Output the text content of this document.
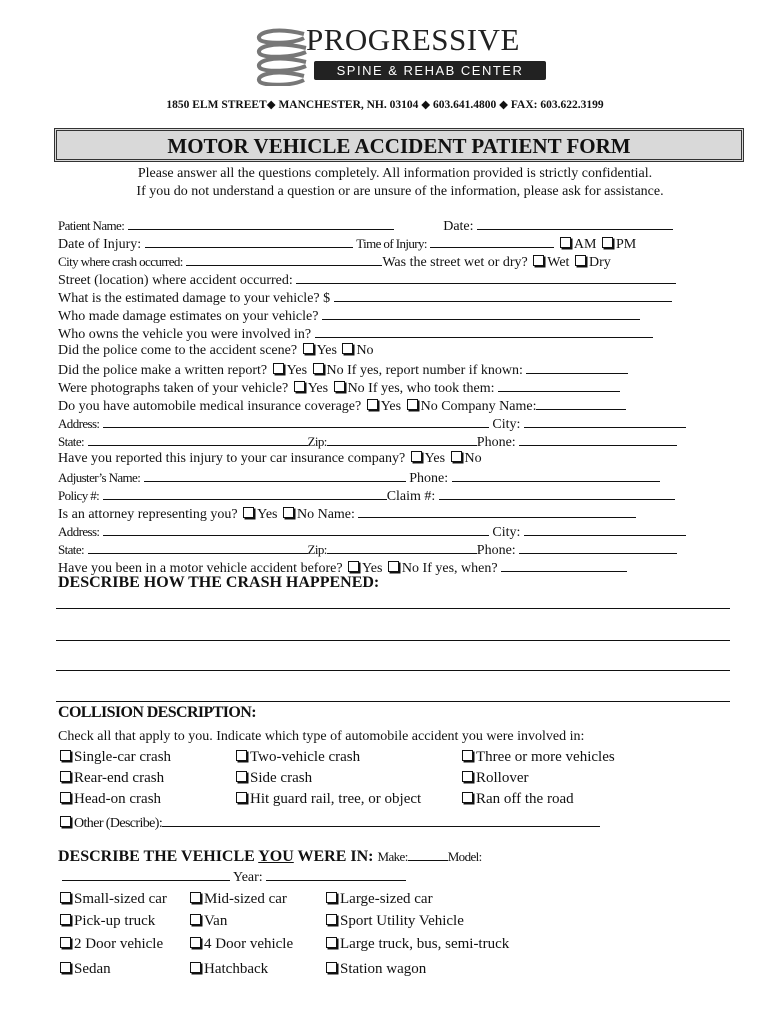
PROGRESSIVE
SPINE & REHAB CENTER
1850 ELM STREET◆ MANCHESTER, NH. 03104 ◆ 603.641.4800 ◆ FAX: 603.622.3199
MOTOR VEHICLE ACCIDENT PATIENT FORM
Please answer all the questions completely. All information provided is strictly confidential.
If you do not understand a question or are unsure of the information, please ask for assistance.
Patient Name:	Date:
Date of Injury:	Time of Injury:	AM PM
City where crash occurred:	Was the street wet or dry? Wet Dry
Street (location) where accident occurred:
What is the estimated damage to your vehicle? $
Who made damage estimates on your vehicle?
Who owns the vehicle you were involved in?
Did the police come to the accident scene? Yes No
Did the police make a written report? Yes No If yes, report number if known:
Were photographs taken of your vehicle? Yes No If yes, who took them:
Do you have automobile medical insurance coverage? Yes No Company Name:
Address:	City:
State:	Zip:	Phone:
Have you reported this injury to your car insurance company? Yes No
Adjuster’s Name:	Phone:
Policy #:	Claim #:
Is an attorney representing you? Yes No Name:
Address:	City:
State:	Zip:	Phone:
Have you been in a motor vehicle accident before? Yes No If yes, when?
DESCRIBE HOW THE CRASH HAPPENED:
COLLISION DESCRIPTION:
Check all that apply to you. Indicate which type of automobile accident you were involved in:
Single-car crash	Two-vehicle crash	Three or more vehicles
Rear-end crash	Side crash	Rollover
Head-on crash	Hit guard rail, tree, or object	Ran off the road
Other (Describe):
DESCRIBE THE VEHICLE YOU WERE IN: Make:	Model:
Year:
Small-sized car	Mid-sized car	Large-sized car
Pick-up truck	Van	Sport Utility Vehicle
2 Door vehicle	4 Door vehicle	Large truck, bus, semi-truck
Sedan	Hatchback	Station wagon
